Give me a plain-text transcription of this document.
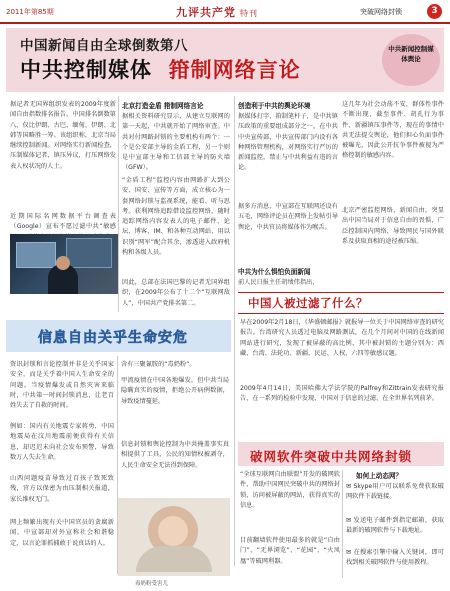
2011年第85期	九评共产党 特刊	突破网络封锁	3
中国新闻自由全球倒数第八
中共控制媒体 箝制网络言论
中共新闻控制媒体舆论
据记者无国界组织发表的2009年度新闻自由指数排名报告，中国排名倒数第八，仅比伊朗、古巴、缅甸、伊朗、北韩等国略胜一筹。该组织称，北京当局继续控制新闻。对网络实行新闻检查，压制媒体记者，镇压异议，打压网络发表人权状况的人士。
近期国际名网数据平台调查表（Google）宣布不愿过滤中共“敏感
北京打造金盾 箝制网络言论
据相关资料研究显示，从建立互联网的第一天起，中共就开始了网络审查。中共对付网路封锁的主要机构有两个：一个是公安部主导的金盾工程，另一个则是中宣部主导和工信部主导的防火墙（GFW）。
“金盾工程”监控内容由网路扩大到公安、国安、宣传等方面，成立核心为一套网络封锁与监视系统，能看、听与思考。获利网络追踪借设监控网络，随时追踪网络内容发表人的电子邮件、论坛、博客、IM、和各种互动网站，用以识别“网军”配合其余，渗透进入政府机构和各级人员。
因此，总部在法国巴黎的记者无国界组织，在2009年公布了十二个“互联网敌人”，中国共产党排名第二。
创造利于中共的舆论环境
据媒体打字，箝制笔杆子，是中共镇压政策的重要组成部分之一。在中共中央宣传部，中共宣传部门内设有各种网络管理机构，对网络实行严厉的新闻监控，禁止与中共利益有违的言论。
据多方消息，中宣部在互联网还设有五毛，网络评论员在网络上发帖引导舆论，中共官员将媒体作为喉舌。
中共为什么惧怕负面新闻
前人民日报主任胡绩伟指出，
这几年为社会动荡不安，群体性事件不断出现，截至事件、胡孔行为事件、新疆镇压事件等，现在的事情中共无法提交舆论，他们担心负面事件被曝光，因此公开抗争事件被视为严格控制的敏感内容。
北京严密监控网络，新闻自由，突显出中国当局对于信息自由的畏惧，广泛控制国内网络，导致网民与国外联系及获取真相的途径被压缩。
中国人被过滤了什么？
早在2009年2月18日，《华盛顿邮报》就报导一位关于中国网络审查的研究报告。台湾研究人员透过电脑及网路测试，在几个月间对中国的在线新闻网站进行研究，发现了被屏蔽的高比例，其中被封锁的主题分别为：西藏、台湾、法轮功、新疆、民运、人权、六四等敏感议题。
2009年4月14日，美国哈佛大学法学院的Palfrey和Zittrain发表研究报告，在一系列的检验中发现，中国对于信息的过滤，在全世界名列前茅。
信息自由关乎生命安危
资讯封锁和言论控制并非是关乎国家安全，而是关乎着中国人生命安全的问题。当疫情爆发或自然灾害来临时，中共第一时间封锁消息，让老百姓失去了自救的时间。
例如：国内有关地震专家蒋勇，中国地震局在汶川地震前便获得有关信息，却迟迟未向社会发布预警，导致数万人失去生命。
山西问题疫苗导致过百孩子致死致残，官方以保密为由压制相关报道，家长维权无门。
网上频繁出现有关中国官员的贪腐新闻，中宣部却对外宣称社会和谐稳定，以言论罪抓捕敢于说真话的人。
含有三聚氰胺的“毒奶粉”。
甲流疫情在中国各地爆发，但中共当局隐瞒真实的疫情，拒绝公开病例数据，导致疫情蔓延。
信息封锁和舆论控制为中共掩盖事实真相提供了工具，公民的知情权被剥夺，人民生命安全无法得到保障。
毒奶粉受害儿
破网软件突破中共网络封锁
“全球互联网自由联盟”开发的破网软件，帮助中国网民突破中共的网络封锁，访问被屏蔽的网站，获得真实的信息。
目前翻墙软件使用最多的就是“自由门”、“无界浏览”、“花园”、“火凤凰”等破网利器。
如何上动态网？
✉ Skype用户可以联系免费获取破网软件下载链接。
✉ 发送电子邮件到指定邮箱，获取最新的破网软件与下载地址。
✉ 在搜索引擎中输入关键词，即可找到相关破网软件与使用教程。
